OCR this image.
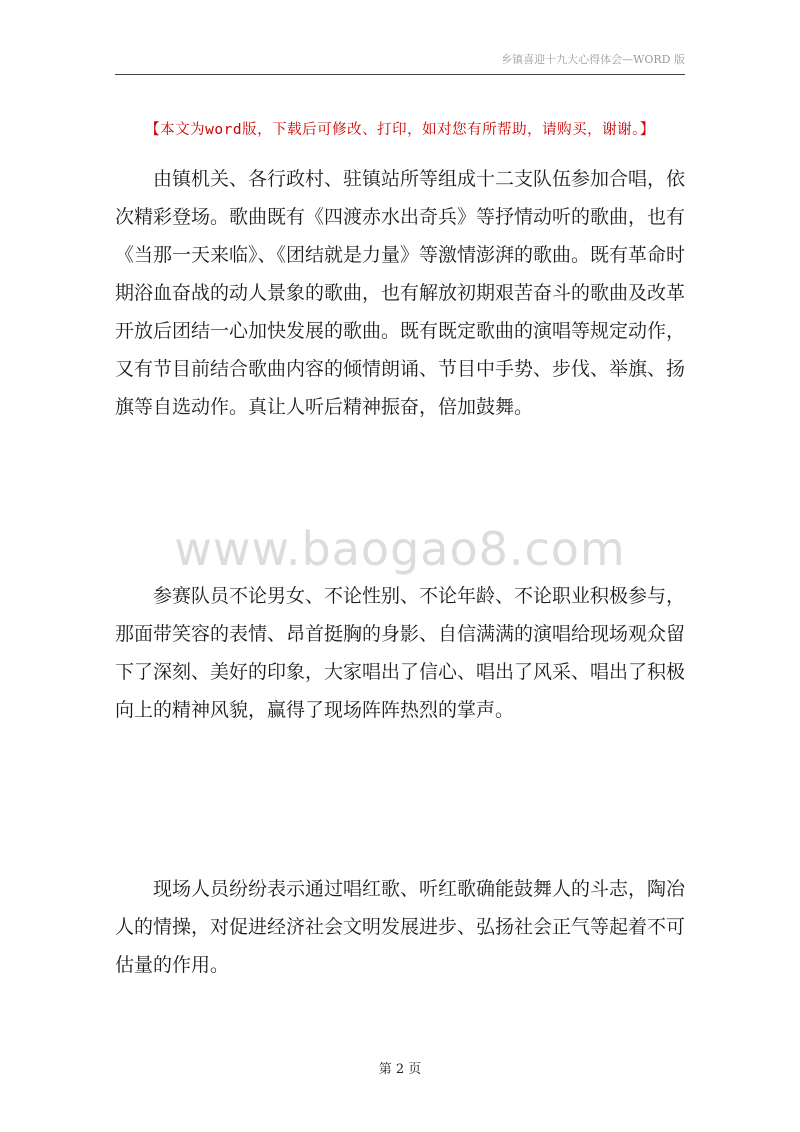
乡镇喜迎十九大心得体会—WORD 版
【本文为word版，下载后可修改、打印，如对您有所帮助，请购买，谢谢。】

由镇机关、各行政村、驻镇站所等组成十二支队伍参加合唱，依次精彩登场。歌曲既有《四渡赤水出奇兵》等抒情动听的歌曲，也有《当那一天来临》、《团结就是力量》等激情澎湃的歌曲。既有革命时期浴血奋战的动人景象的歌曲，也有解放初期艰苦奋斗的歌曲及改革开放后团结一心加快发展的歌曲。既有既定歌曲的演唱等规定动作，又有节目前结合歌曲内容的倾情朗诵、节目中手势、步伐、举旗、扬旗等自选动作。真让人听后精神振奋，倍加鼓舞。

www.baogao8.com

参赛队员不论男女、不论性别、不论年龄、不论职业积极参与，那面带笑容的表情、昂首挺胸的身影、自信满满的演唱给现场观众留下了深刻、美好的印象，大家唱出了信心、唱出了风采、唱出了积极向上的精神风貌，赢得了现场阵阵热烈的掌声。

现场人员纷纷表示通过唱红歌、听红歌确能鼓舞人的斗志，陶冶人的情操，对促进经济社会文明发展进步、弘扬社会正气等起着不可估量的作用。

第 2 页
